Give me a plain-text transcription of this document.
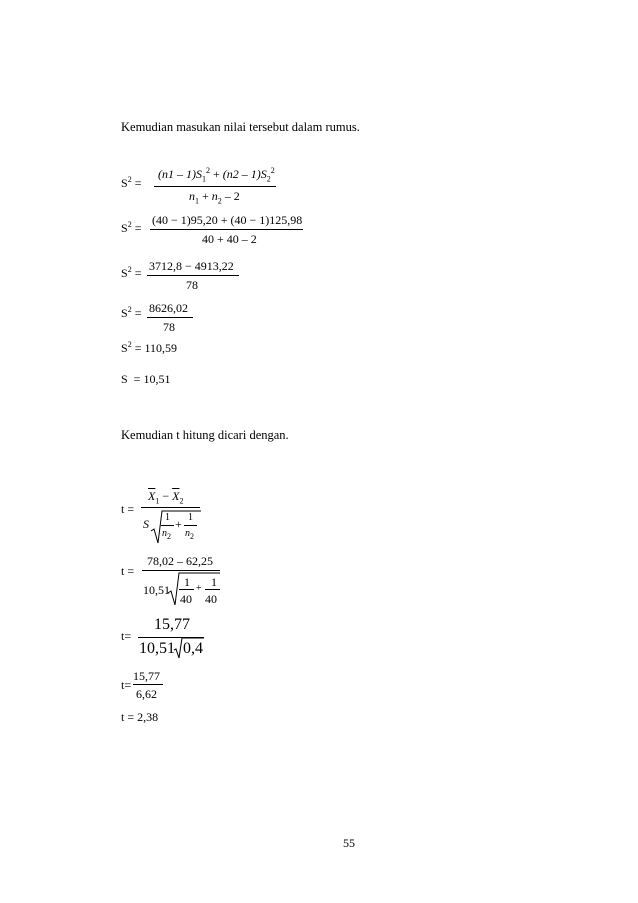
Kemudian masukan nilai tersebut dalam rumus.
$S^2$ =
$(n1 - 1)S_1^2 + (n2 - 1)S_2^2$
$n_1 + n_2 - 2$
$S^2$ =
(40 − 1)95,20 + (40 − 1)125,98
40 + 40 – 2
$S^2 = 3712,8 - 4913,22$
78
$S^2 = 8626,02$
78
$S^2 = 110,59$
S  = 10,51
Kemudian t hitung dicari dengan.
t =
$\overline{X}_1 - \overline{X}_2$
S 1
$n_2$
+ 1
$n_2$
t =
78,02 – 62,25
10,51
1
40
+ 1
40
t=
15,77
10,51 0,4
t=
15,77
6,62
t = 2,38
55
